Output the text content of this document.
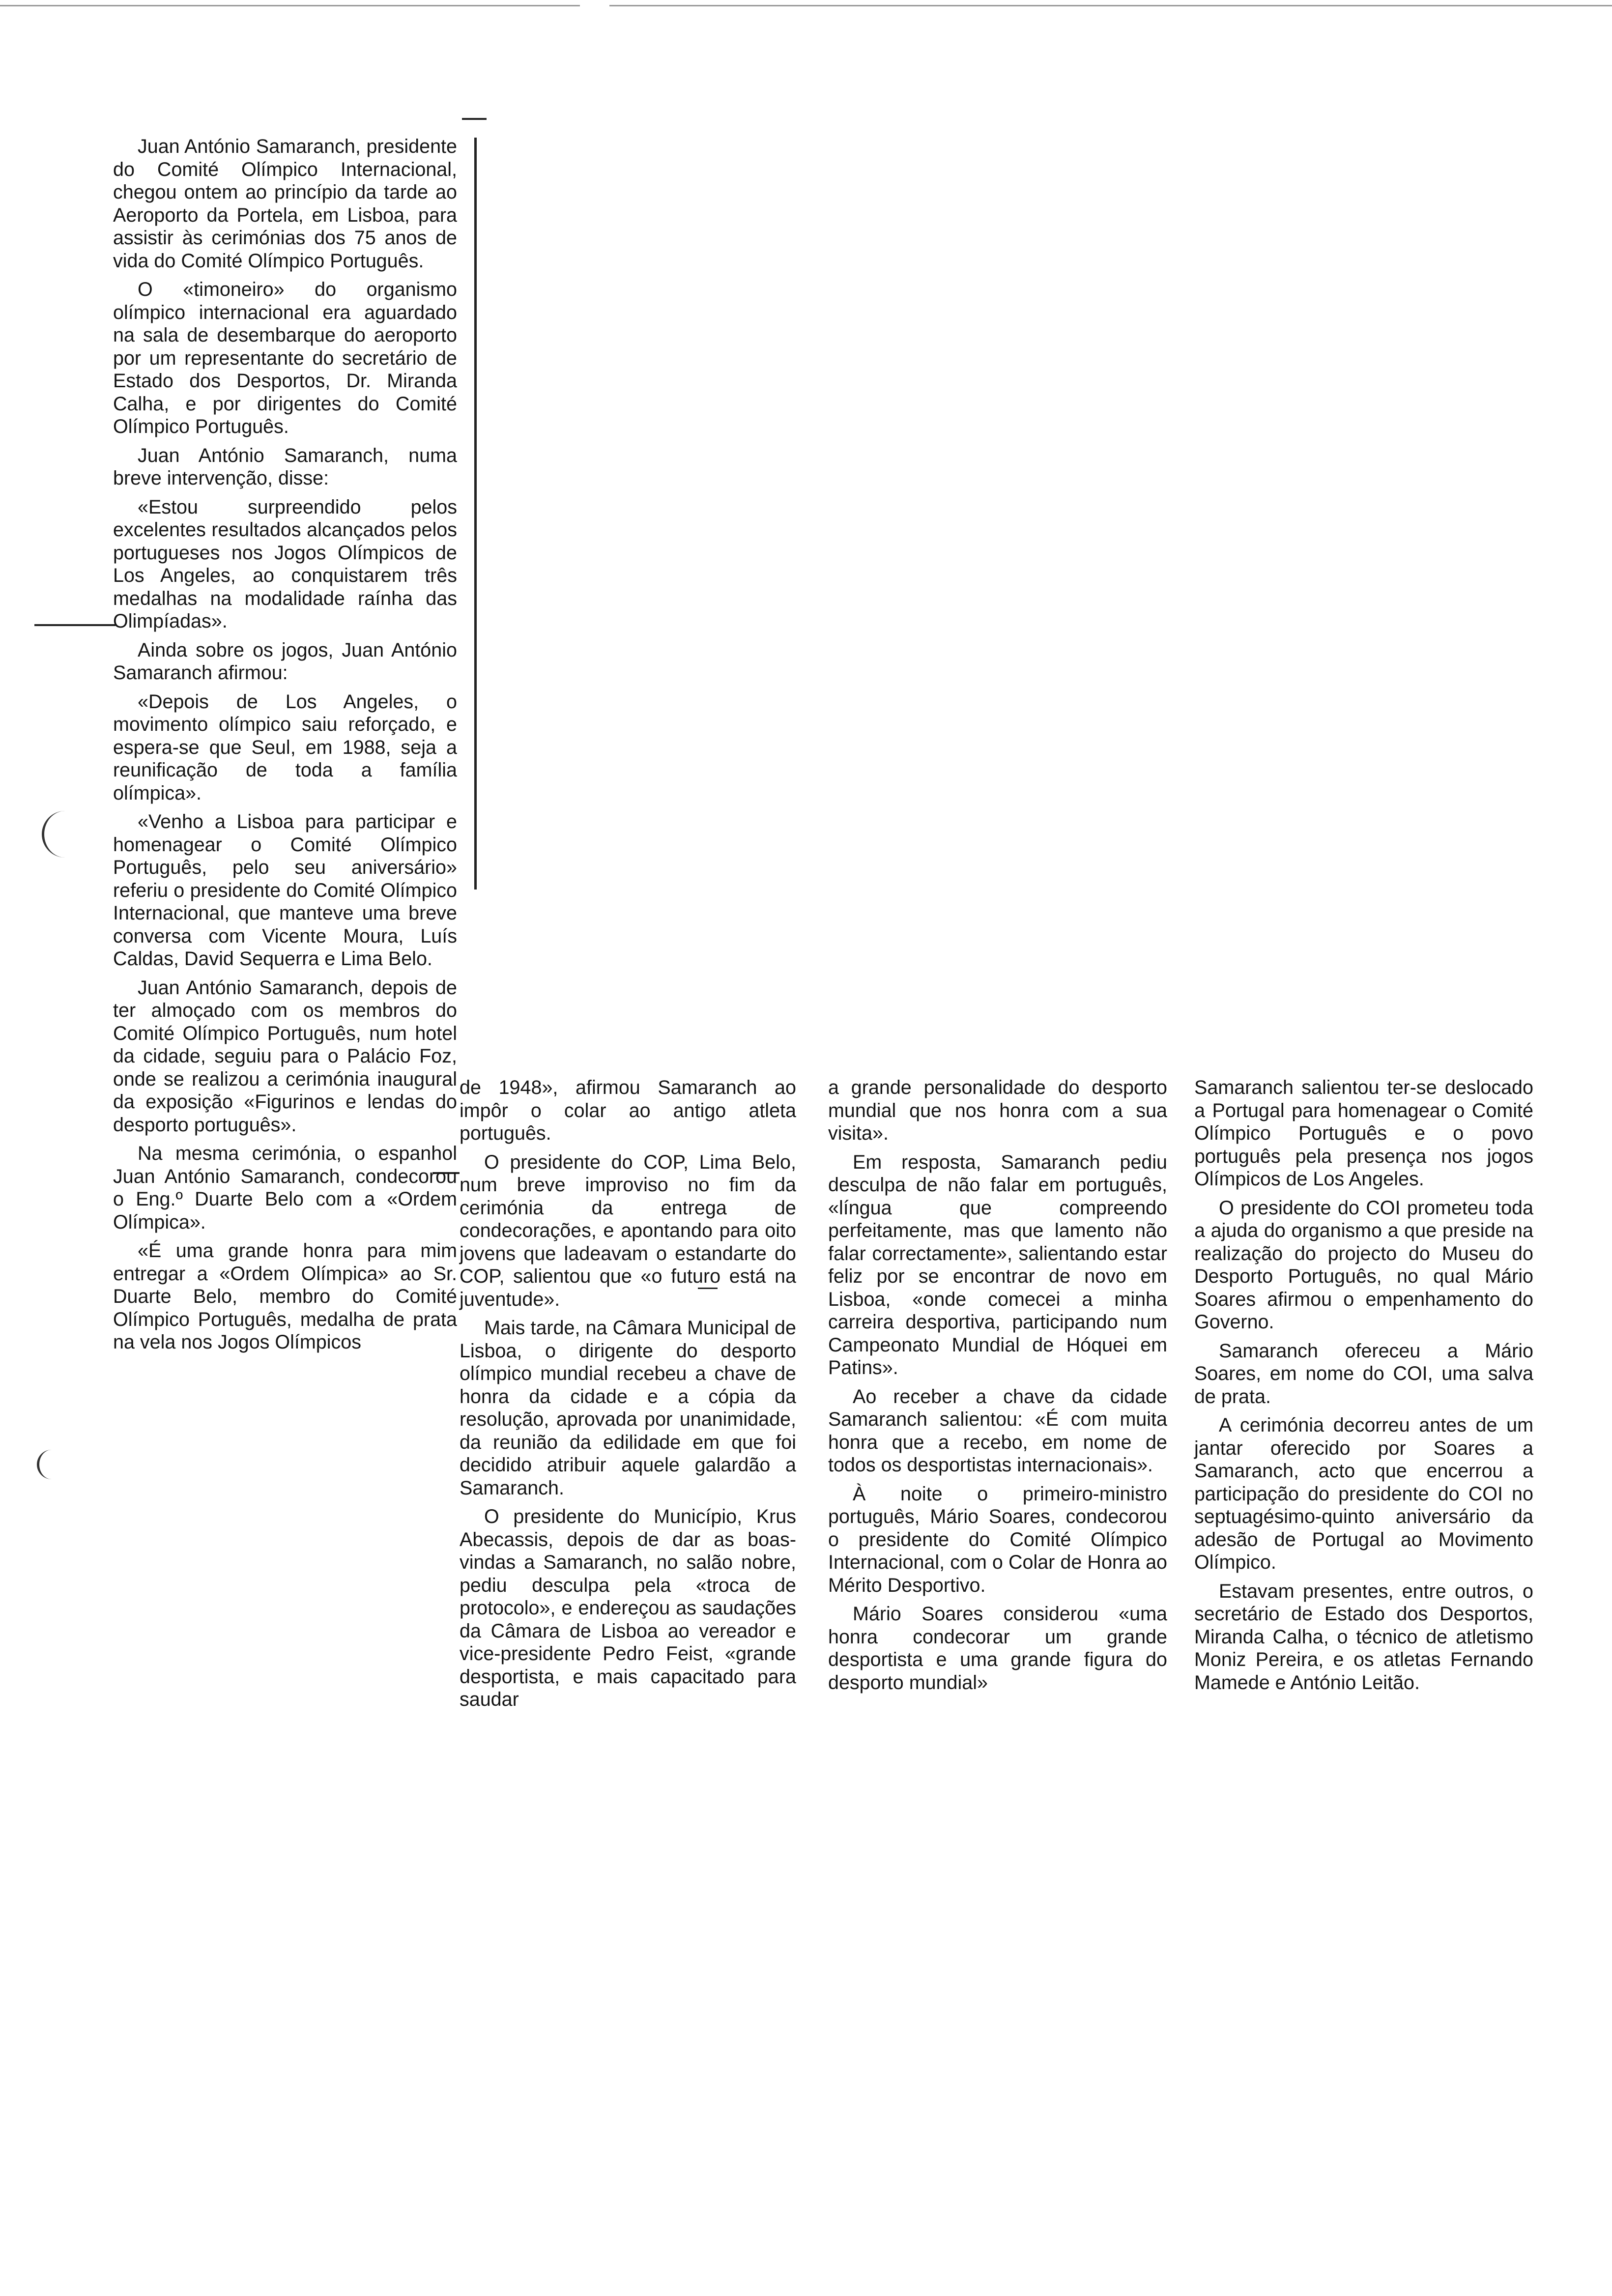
Juan António Samaranch, presidente do Comité Olímpico Internacional, chegou ontem ao princípio da tarde ao Aeroporto da Portela, em Lisboa, para assistir às cerimónias dos 75 anos de vida do Comité Olímpico Português.

O «timoneiro» do organismo olímpico internacional era aguardado na sala de desembarque do aeroporto por um representante do secretário de Estado dos Desportos, Dr. Miranda Calha, e por dirigentes do Comité Olímpico Português.

Juan António Samaranch, numa breve intervenção, disse:

«Estou surpreendido pelos excelentes resultados alcançados pelos portugueses nos Jogos Olímpicos de Los Angeles, ao conquistarem três medalhas na modalidade raínha das Olimpíadas».

Ainda sobre os jogos, Juan António Samaranch afirmou:

«Depois de Los Angeles, o movimento olímpico saiu reforçado, e espera-se que Seul, em 1988, seja a reunificação de toda a família olímpica».

«Venho a Lisboa para participar e homenagear o Comité Olímpico Português, pelo seu aniversário» referiu o presidente do Comité Olímpico Internacional, que manteve uma breve conversa com Vicente Moura, Luís Caldas, David Sequerra e Lima Belo.

Juan António Samaranch, depois de ter almoçado com os membros do Comité Olímpico Português, num hotel da cidade, seguiu para o Palácio Foz, onde se realizou a cerimónia inaugural da exposição «Figurinos e lendas do desporto português».

Na mesma cerimónia, o espanhol Juan António Samaranch, condecorou o Eng.º Duarte Belo com a «Ordem Olímpica».

«É uma grande honra para mim entregar a «Ordem Olímpica» ao Sr. Duarte Belo, membro do Comité Olímpico Português, medalha de prata na vela nos Jogos Olímpicos

de 1948», afirmou Samaranch ao impôr o colar ao antigo atleta português.

O presidente do COP, Lima Belo, num breve improviso no fim da cerimónia da entrega de condecorações, e apontando para oito jovens que ladeavam o estandarte do COP, salientou que «o futuro está na juventude».

Mais tarde, na Câmara Municipal de Lisboa, o dirigente do desporto olímpico mundial recebeu a chave de honra da cidade e a cópia da resolução, aprovada por unanimidade, da reunião da edilidade em que foi decidido atribuir aquele galardão a Samaranch.

O presidente do Município, Krus Abecassis, depois de dar as boas-vindas a Samaranch, no salão nobre, pediu desculpa pela «troca de protocolo», e endereçou as saudações da Câmara de Lisboa ao vereador e vice-presidente Pedro Feist, «grande desportista, e mais capacitado para saudar

a grande personalidade do desporto mundial que nos honra com a sua visita».

Em resposta, Samaranch pediu desculpa de não falar em português, «língua que compreendo perfeitamente, mas que lamento não falar correctamente», salientando estar feliz por se encontrar de novo em Lisboa, «onde comecei a minha carreira desportiva, participando num Campeonato Mundial de Hóquei em Patins».

Ao receber a chave da cidade Samaranch salientou: «É com muita honra que a recebo, em nome de todos os desportistas internacionais».

À noite o primeiro-ministro português, Mário Soares, condecorou o presidente do Comité Olímpico Internacional, com o Colar de Honra ao Mérito Desportivo.

Mário Soares considerou «uma honra condecorar um grande desportista e uma grande figura do desporto mundial»

Samaranch salientou ter-se deslocado a Portugal para homenagear o Comité Olímpico Português e o povo português pela presença nos jogos Olímpicos de Los Angeles.

O presidente do COI prometeu toda a ajuda do organismo a que preside na realização do projecto do Museu do Desporto Português, no qual Mário Soares afirmou o empenhamento do Governo.

Samaranch ofereceu a Mário Soares, em nome do COI, uma salva de prata.

A cerimónia decorreu antes de um jantar oferecido por Soares a Samaranch, acto que encerrou a participação do presidente do COI no septuagésimo-quinto aniversário da adesão de Portugal ao Movimento Olímpico.

Estavam presentes, entre outros, o secretário de Estado dos Desportos, Miranda Calha, o técnico de atletismo Moniz Pereira, e os atletas Fernando Mamede e António Leitão.
